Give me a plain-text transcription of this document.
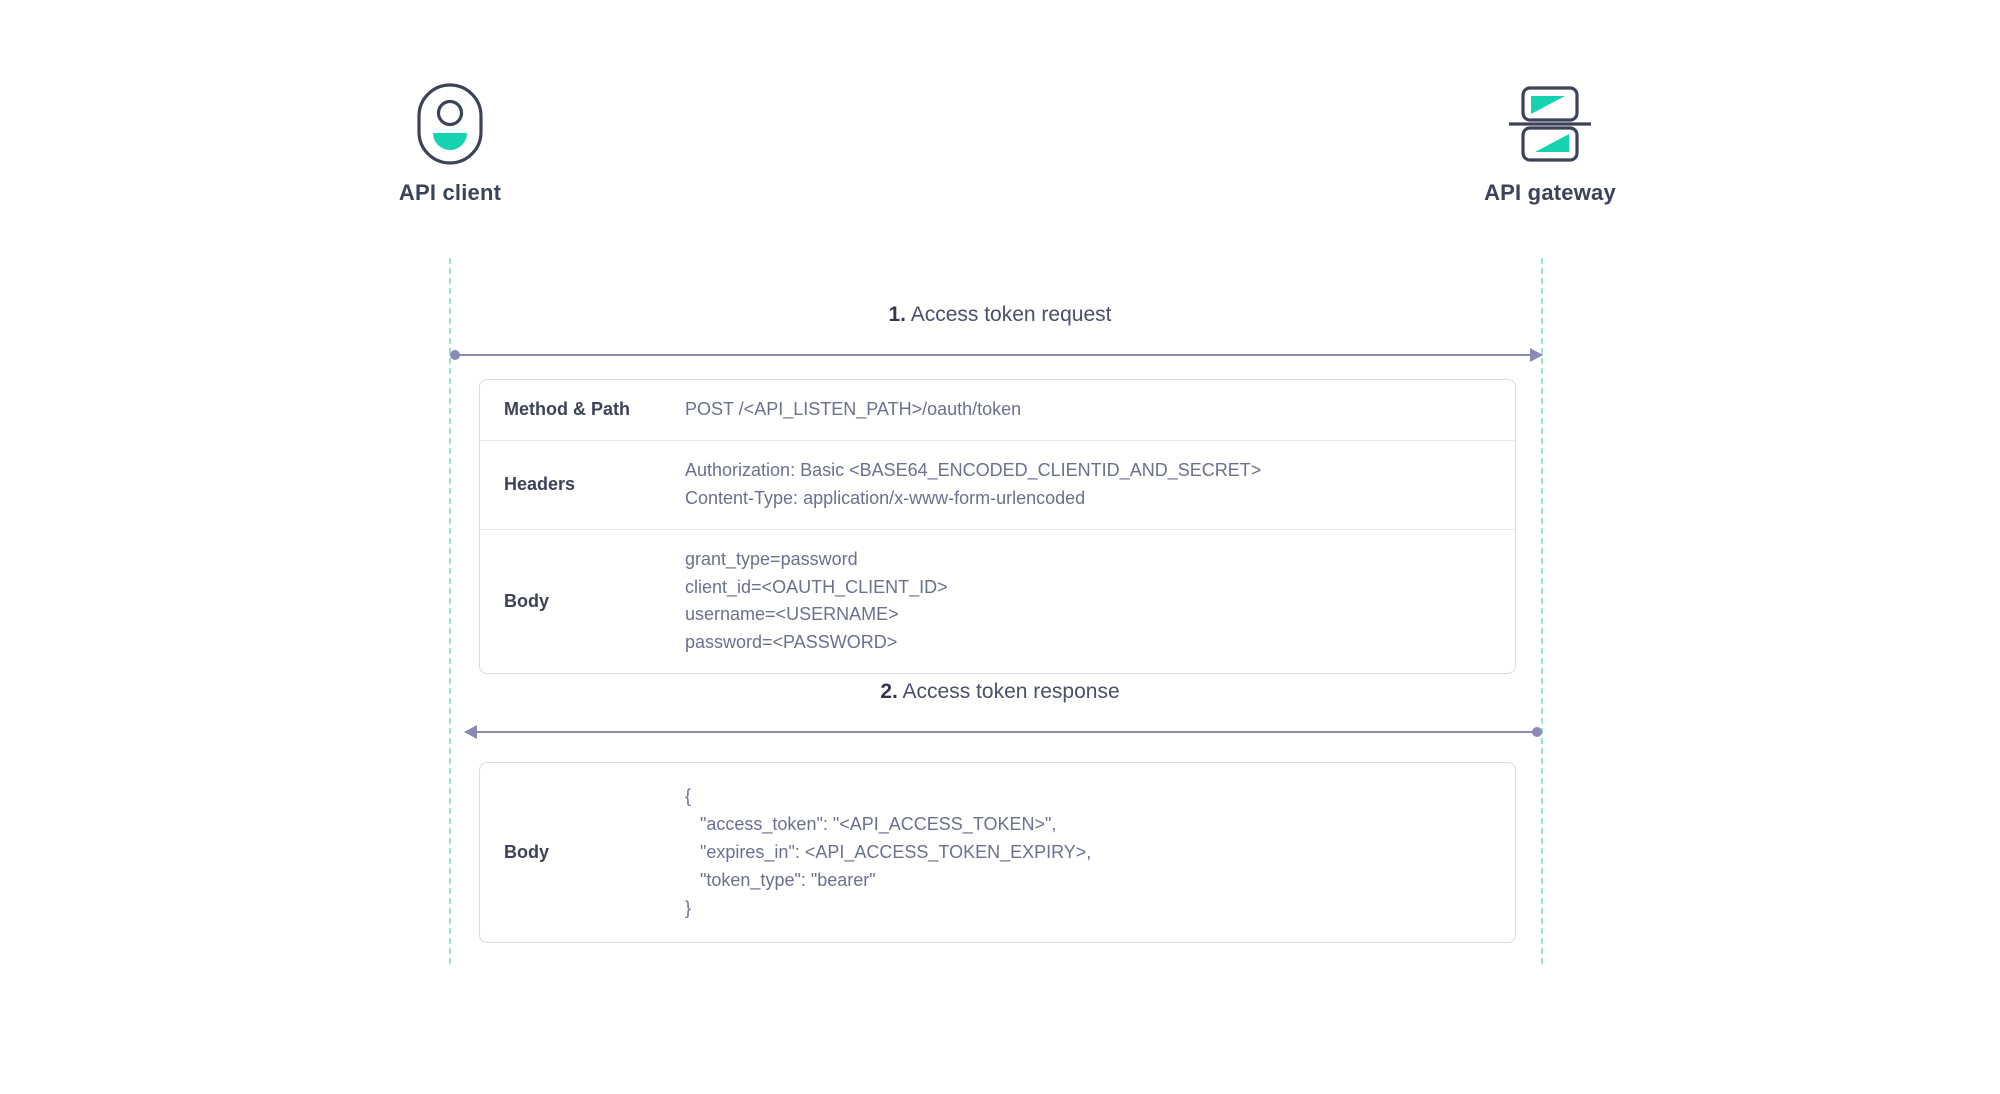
API client	API gateway
1. Access token request
Method & Path	POST /<API_LISTEN_PATH>/oauth/token
Headers
Authorization: Basic <BASE64_ENCODED_CLIENTID_AND_SECRET>
Content-Type: application/x-www-form-urlencoded
Body
grant_type=password
client_id=<OAUTH_CLIENT_ID>
username=<USERNAME>
password=<PASSWORD>
2. Access token response
Body
{
"access_token": "<API_ACCESS_TOKEN>",
"expires_in": <API_ACCESS_TOKEN_EXPIRY>,
"token_type": "bearer"
}
